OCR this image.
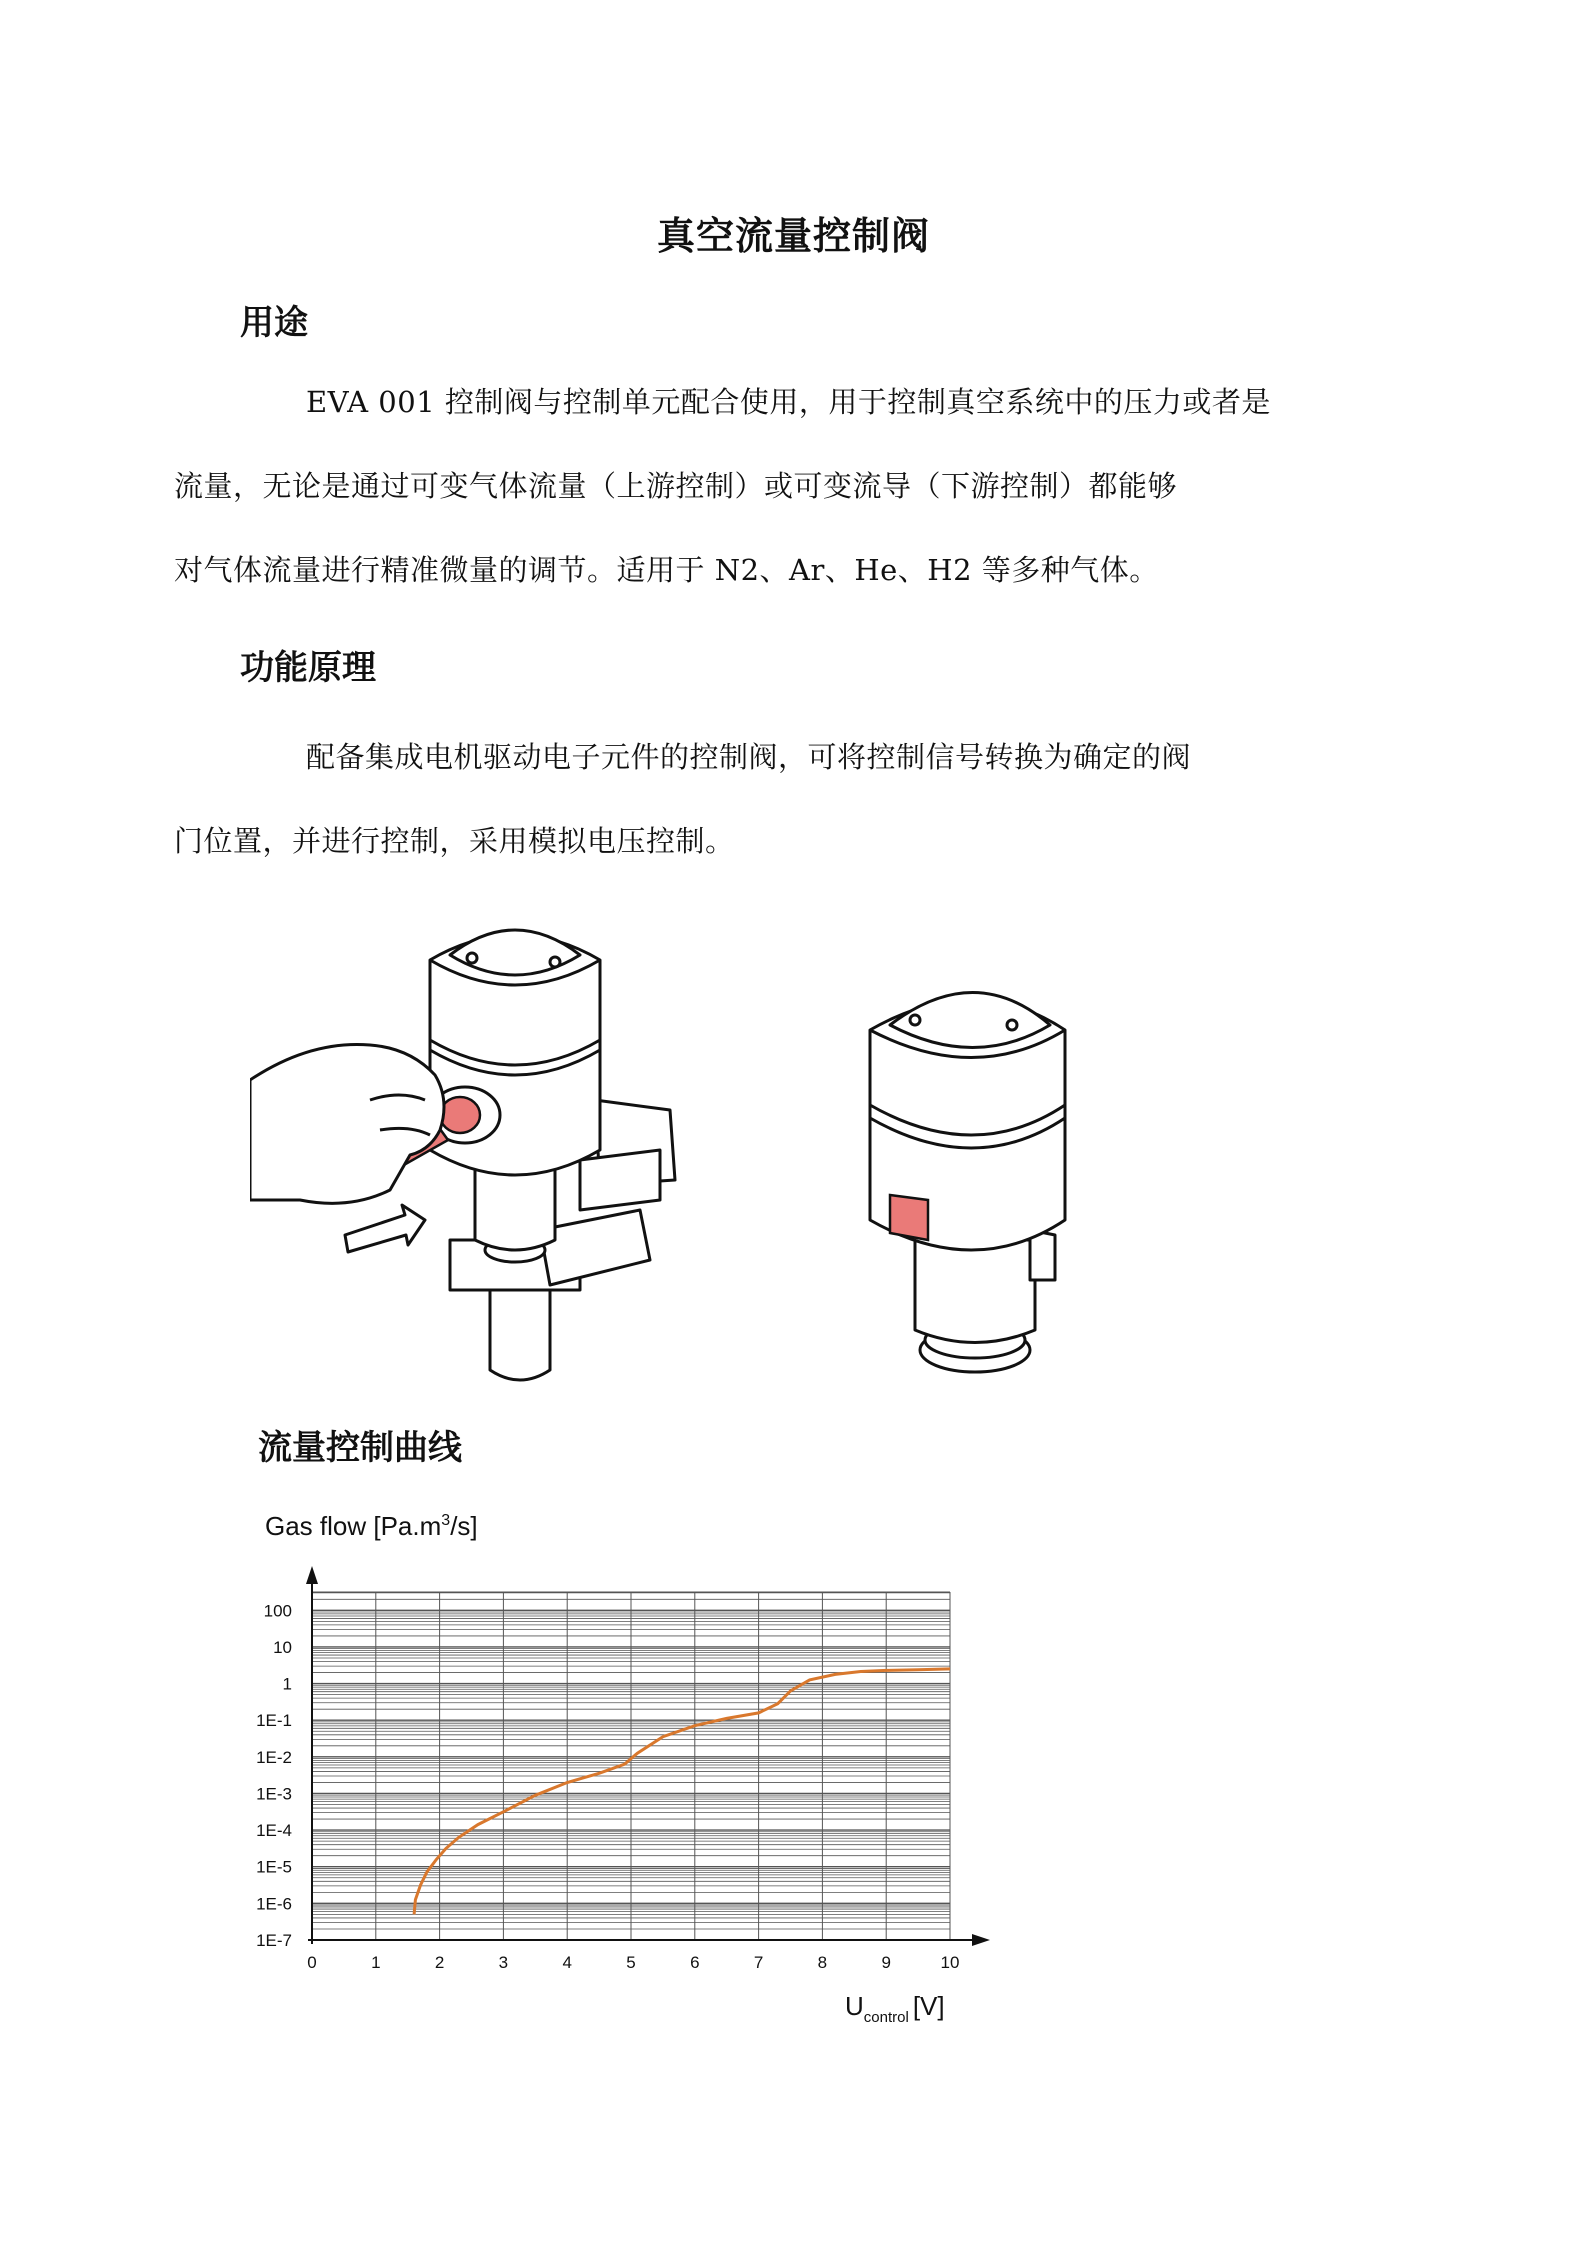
真空流量控制阀
用途
EVA 001 控制阀与控制单元配合使用，用于控制真空系统中的压力或者是
流量，无论是通过可变气体流量（上游控制）或可变流导（下游控制）都能够
对气体流量进行精准微量的调节。适用于 N2、Ar、He、H2 等多种气体。
功能原理
配备集成电机驱动电子元件的控制阀，可将控制信号转换为确定的阀
门位置，并进行控制，采用模拟电压控制。
流量控制曲线
Gas flow $[Pa.m^3/s]$
0	1	2	3	4	5	6	7	8	9	10
1E-7
1E-6
1E-5
1E-4
1E-3
1E-2
1E-1
1
10
100
$U_{control}$ [V]
